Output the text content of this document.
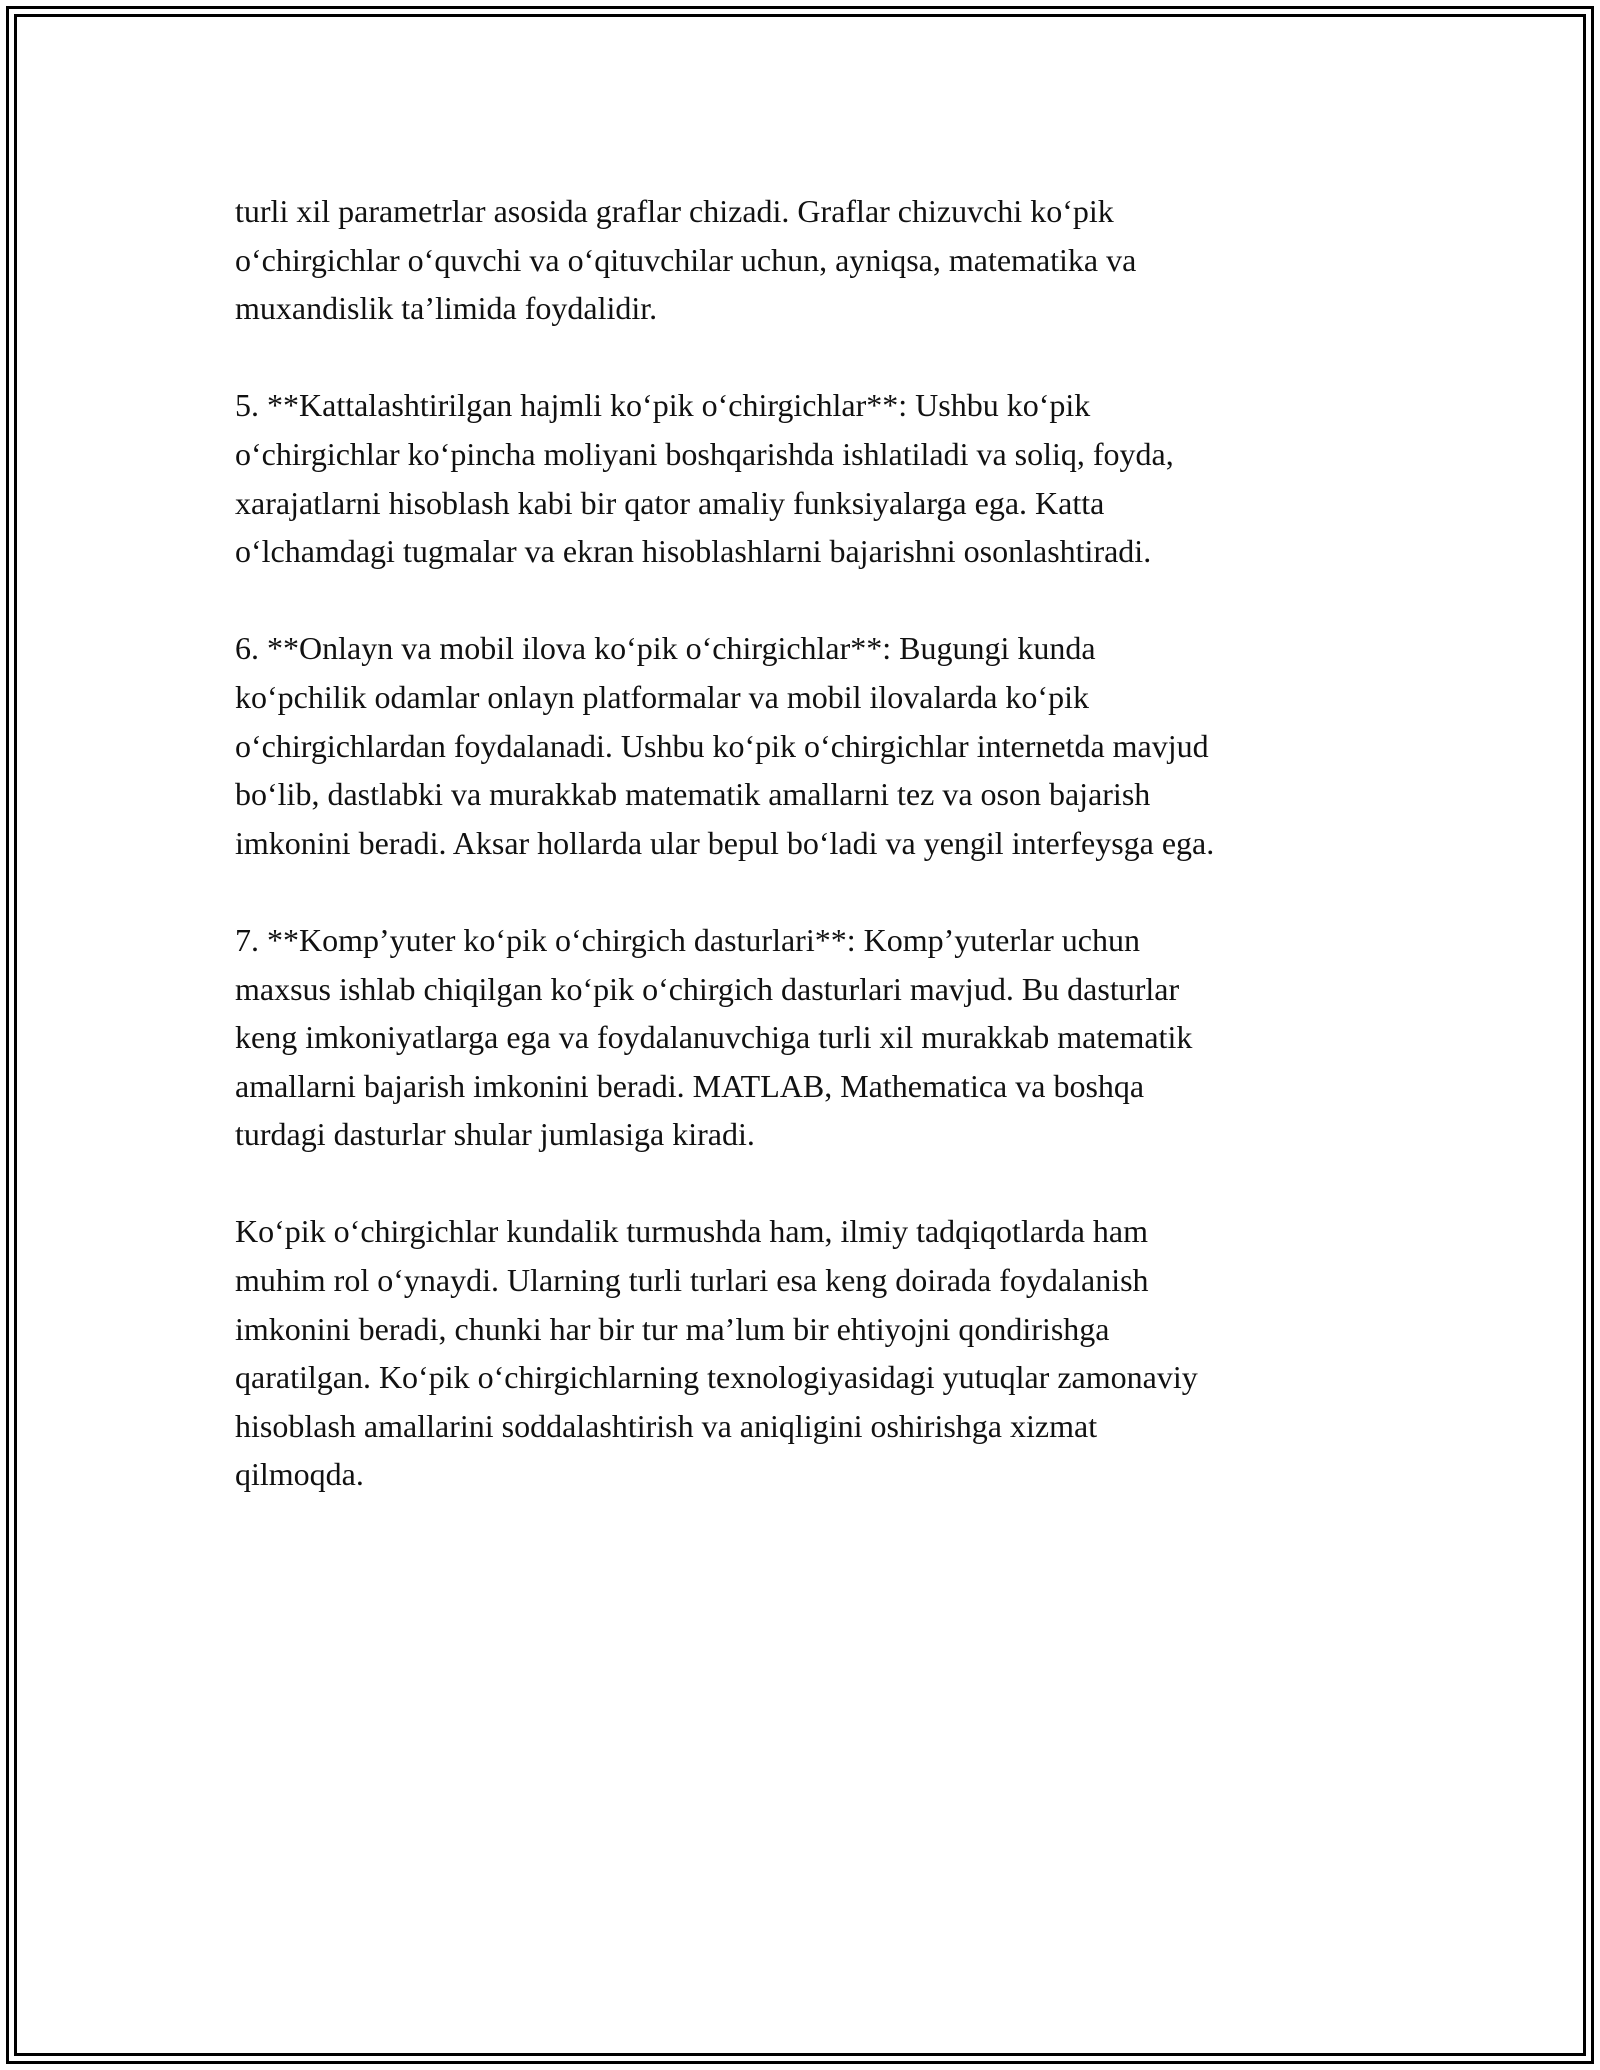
turli xil parametrlar asosida graflar chizadi. Graflar chizuvchi ko‘pik
o‘chirgichlar o‘quvchi va o‘qituvchilar uchun, ayniqsa, matematika va
muxandislik ta’limida foydalidir.

5. **Kattalashtirilgan hajmli ko‘pik o‘chirgichlar**: Ushbu ko‘pik
o‘chirgichlar ko‘pincha moliyani boshqarishda ishlatiladi va soliq, foyda,
xarajatlarni hisoblash kabi bir qator amaliy funksiyalarga ega. Katta
o‘lchamdagi tugmalar va ekran hisoblashlarni bajarishni osonlashtiradi.

6. **Onlayn va mobil ilova ko‘pik o‘chirgichlar**: Bugungi kunda
ko‘pchilik odamlar onlayn platformalar va mobil ilovalarda ko‘pik
o‘chirgichlardan foydalanadi. Ushbu ko‘pik o‘chirgichlar internetda mavjud
bo‘lib, dastlabki va murakkab matematik amallarni tez va oson bajarish
imkonini beradi. Aksar hollarda ular bepul bo‘ladi va yengil interfeysga ega.

7. **Komp’yuter ko‘pik o‘chirgich dasturlari**: Komp’yuterlar uchun
maxsus ishlab chiqilgan ko‘pik o‘chirgich dasturlari mavjud. Bu dasturlar
keng imkoniyatlarga ega va foydalanuvchiga turli xil murakkab matematik
amallarni bajarish imkonini beradi. MATLAB, Mathematica va boshqa
turdagi dasturlar shular jumlasiga kiradi.

Ko‘pik o‘chirgichlar kundalik turmushda ham, ilmiy tadqiqotlarda ham
muhim rol o‘ynaydi. Ularning turli turlari esa keng doirada foydalanish
imkonini beradi, chunki har bir tur ma’lum bir ehtiyojni qondirishga
qaratilgan. Ko‘pik o‘chirgichlarning texnologiyasidagi yutuqlar zamonaviy
hisoblash amallarini soddalashtirish va aniqligini oshirishga xizmat
qilmoqda.
